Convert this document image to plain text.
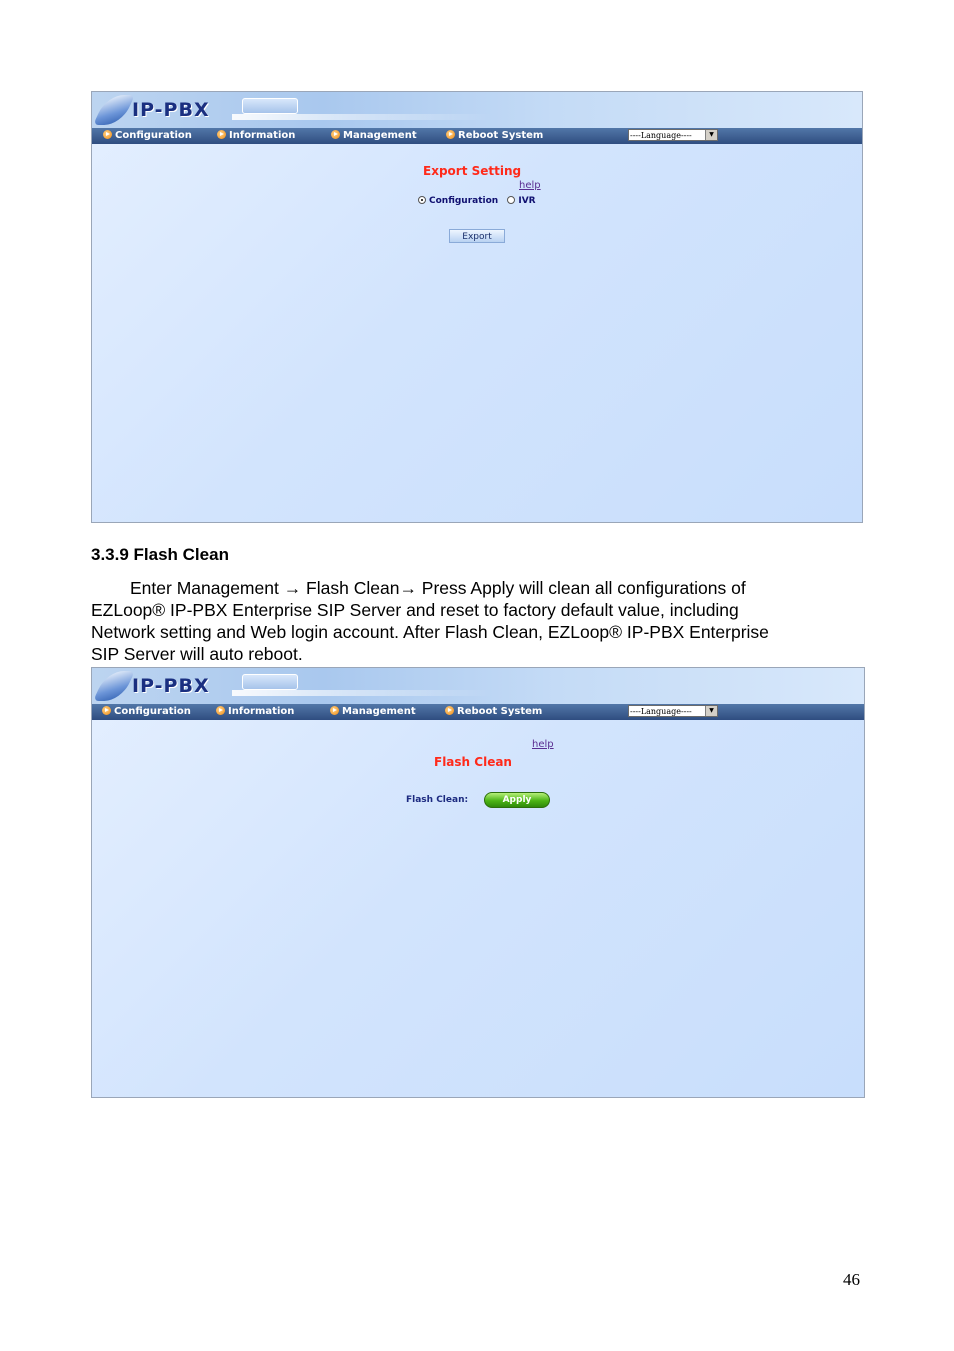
IP-PBX
Configuration	Information	Management	Reboot System	----Language----	▼
Export Setting
help
Configuration IVR
Export
3.3.9 Flash Clean
Enter Management → Flash Clean→ Press Apply will clean all configurations of
EZLoop® IP-PBX Enterprise SIP Server and reset to factory default value, including
Network setting and Web login account. After Flash Clean, EZLoop® IP-PBX Enterprise
SIP Server will auto reboot.
IP-PBX
Configuration	Information	Management	Reboot System	----Language----	▼
help
Flash Clean
Flash Clean:	Apply
46
